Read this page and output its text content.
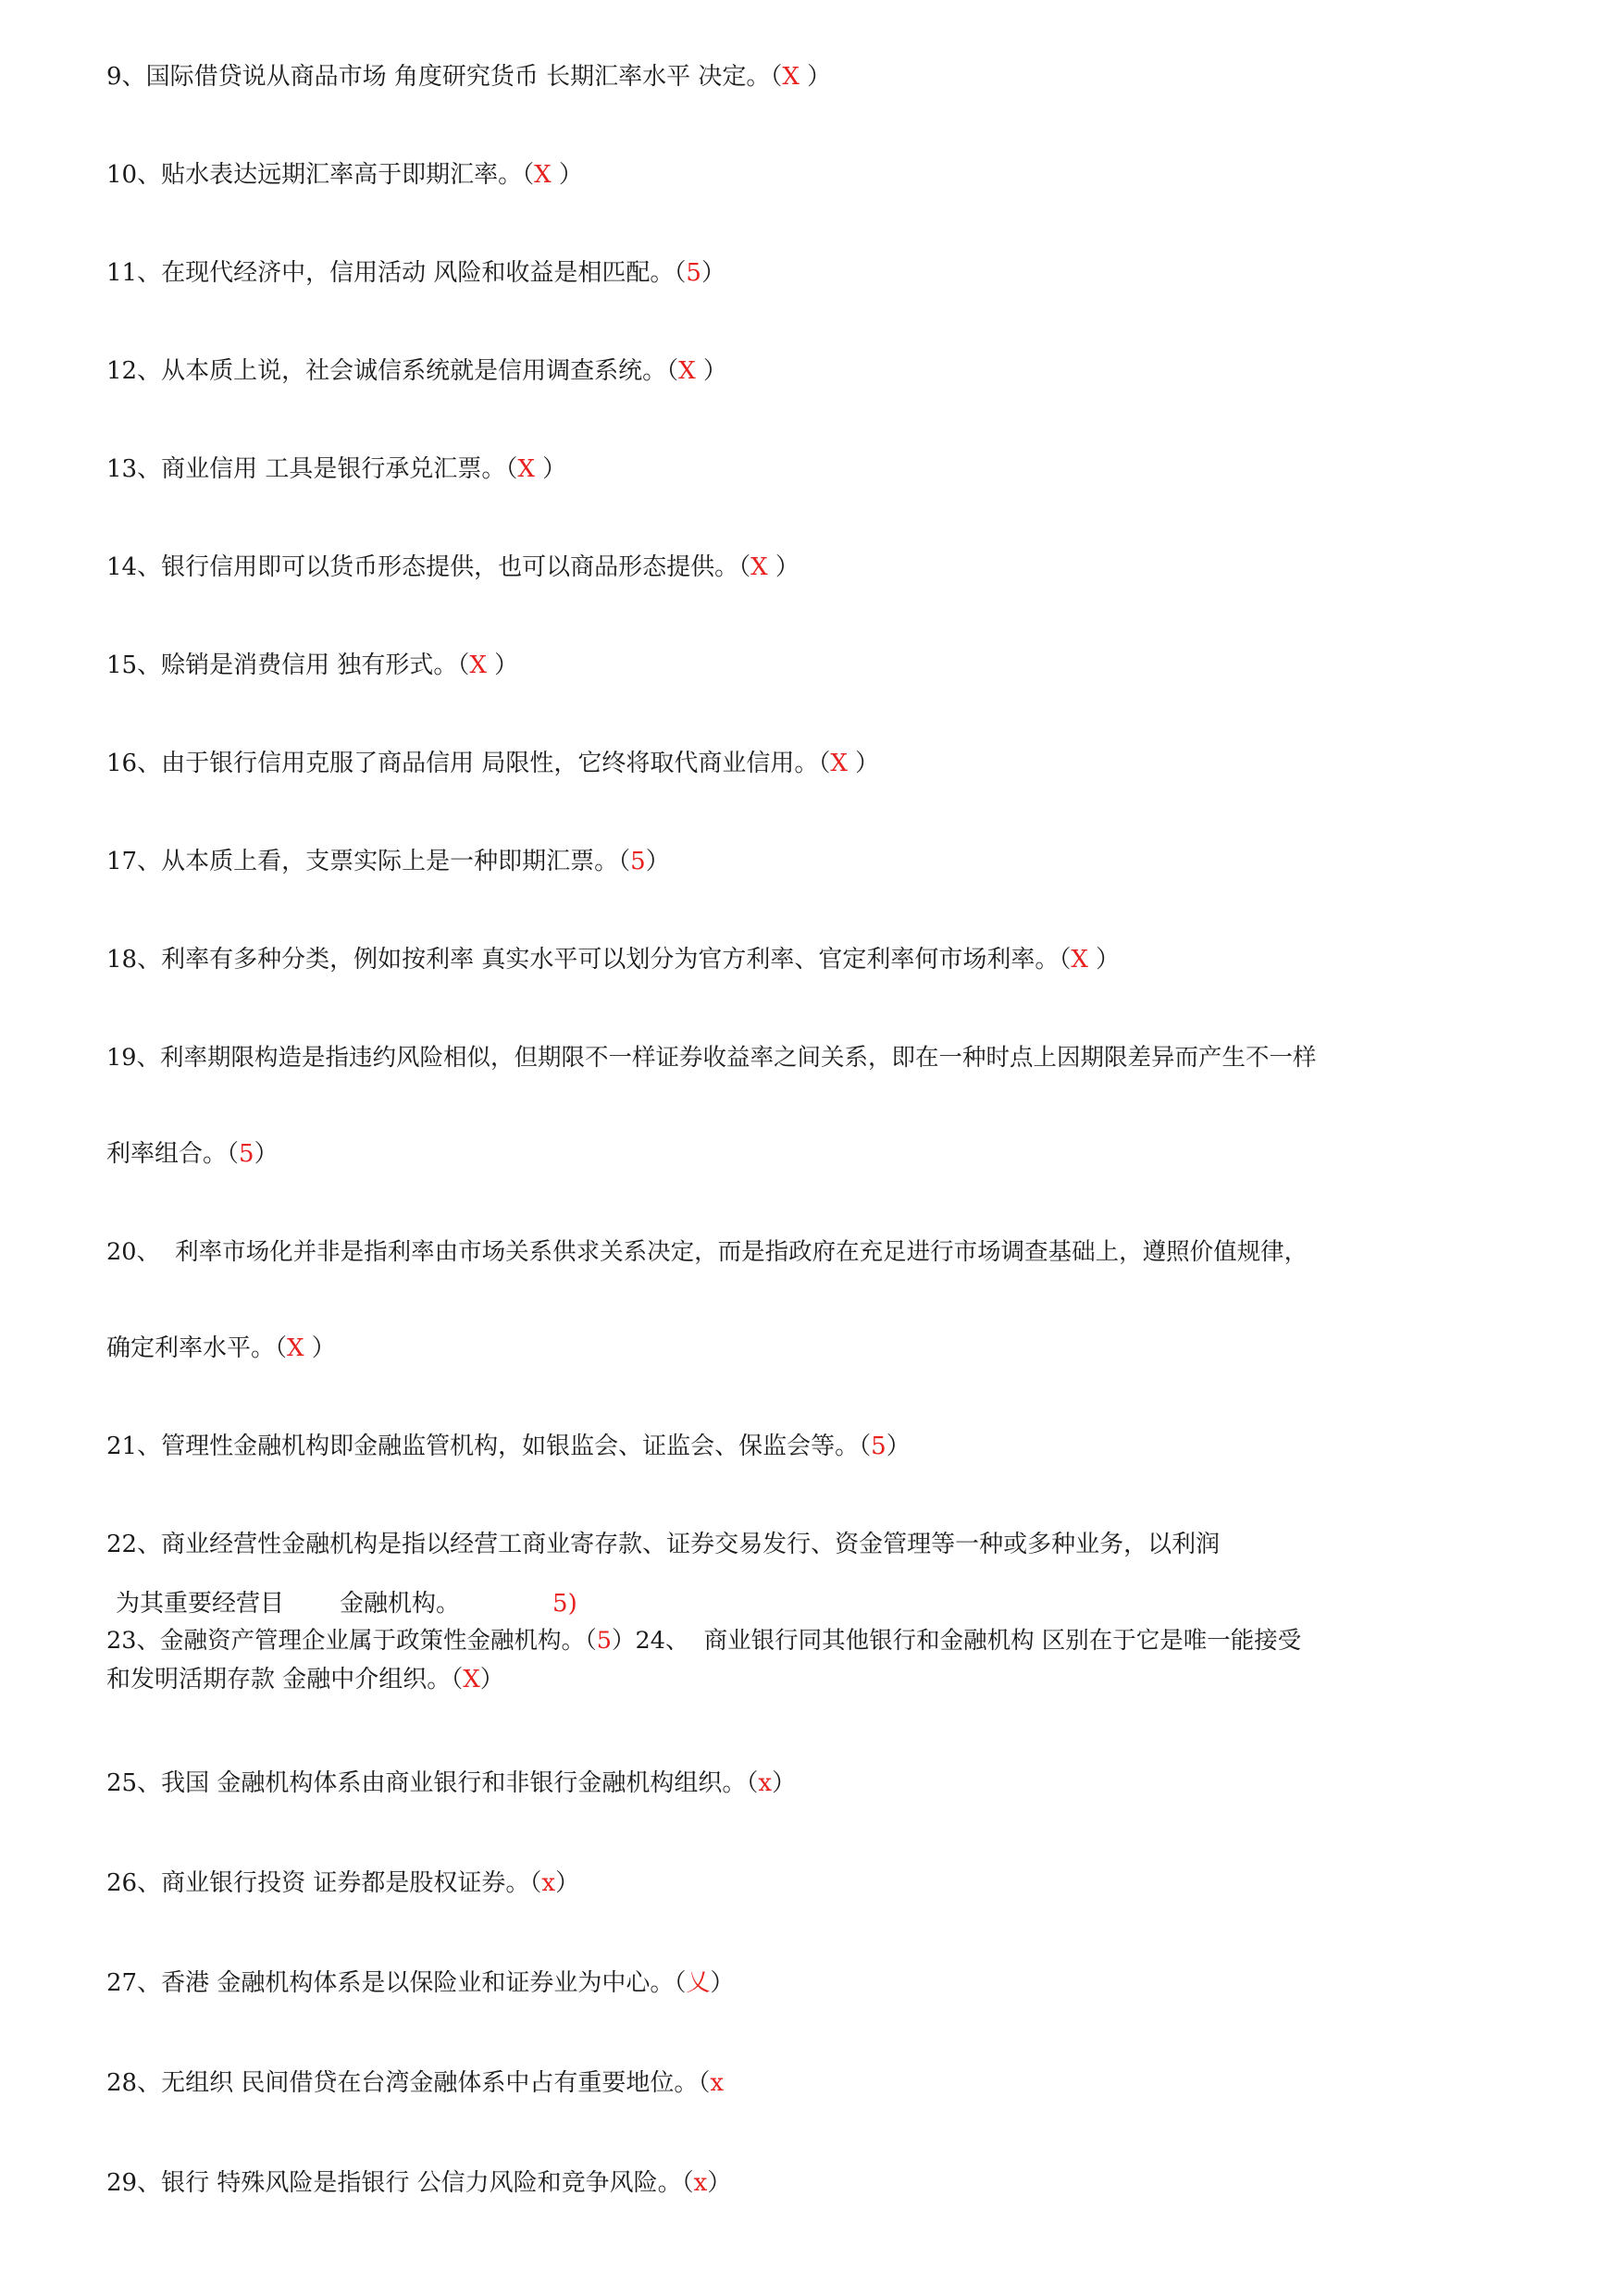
9、国际借贷说从商品市场 角度研究货币 长期汇率水平 决定。（X ）
10、贴水表达远期汇率高于即期汇率。（X ）
11、在现代经济中，信用活动 风险和收益是相匹配。（5）
12、从本质上说，社会诚信系统就是信用调查系统。（X ）
13、商业信用 工具是银行承兑汇票。（X ）
14、银行信用即可以货币形态提供，也可以商品形态提供。（X ）
15、赊销是消费信用 独有形式。（X ）
16、由于银行信用克服了商品信用 局限性，它终将取代商业信用。（X ）
17、从本质上看，支票实际上是一种即期汇票。（5）
18、利率有多种分类，例如按利率 真实水平可以划分为官方利率、官定利率何市场利率。（X ）
19、利率期限构造是指违约风险相似，但期限不一样证券收益率之间关系，即在一种时点上因期限差异而产生不一样
利率组合。（5）
20、  利率市场化并非是指利率由市场关系供求关系决定，而是指政府在充足进行市场调查基础上，遵照价值规律，
确定利率水平。（X ）
21、管理性金融机构即金融监管机构，如银监会、证监会、保监会等。（5）
22、商业经营性金融机构是指以经营工商业寄存款、证券交易发行、资金管理等一种或多种业务，以利润
为其重要经营目 金融机构。	5)
23、金融资产管理企业属于政策性金融机构。（5）24、  商业银行同其他银行和金融机构 区别在于它是唯一能接受
和发明活期存款 金融中介组织。（X）
25、我国 金融机构体系由商业银行和非银行金融机构组织。（x）
26、商业银行投资 证券都是股权证券。（x）
27、香港 金融机构体系是以保险业和证券业为中心。（乂）
28、无组织 民间借贷在台湾金融体系中占有重要地位。（x
29、银行 特殊风险是指银行 公信力风险和竞争风险。（x）
